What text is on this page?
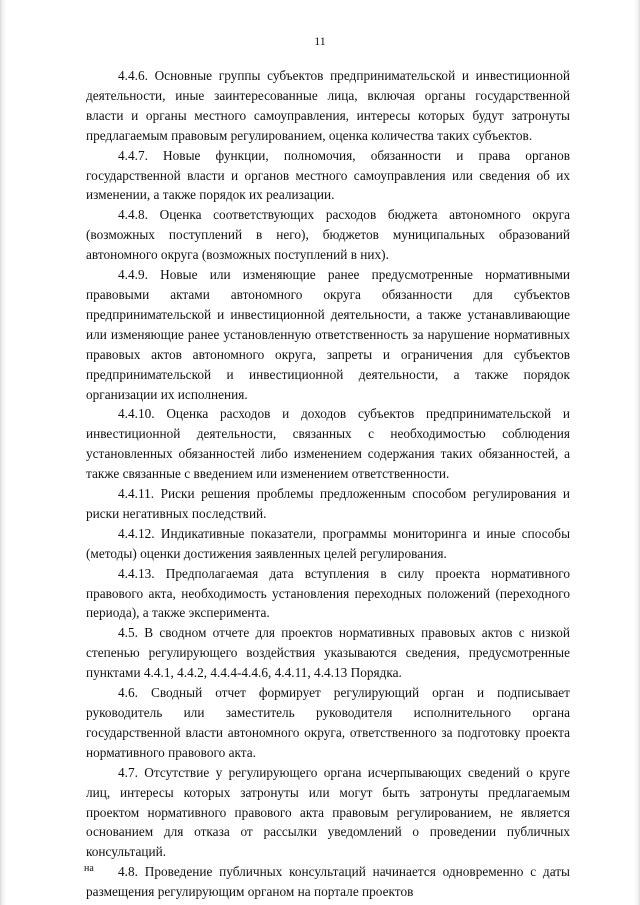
11

4.4.6. Основные группы субъектов предпринимательской и инвестиционной деятельности, иные заинтересованные лица, включая органы государственной власти и органы местного самоуправления, интересы которых будут затронуты предлагаемым правовым регулированием, оценка количества таких субъектов.

4.4.7. Новые функции, полномочия, обязанности и права органов государственной власти и органов местного самоуправления или сведения об их изменении, а также порядок их реализации.

4.4.8. Оценка соответствующих расходов бюджета автономного округа (возможных поступлений в него), бюджетов муниципальных образований автономного округа (возможных поступлений в них).

4.4.9. Новые или изменяющие ранее предусмотренные нормативными правовыми актами автономного округа обязанности для субъектов предпринимательской и инвестиционной деятельности, а также устанавливающие или изменяющие ранее установленную ответственность за нарушение нормативных правовых актов автономного округа, запреты и ограничения для субъектов предпринимательской и инвестиционной деятельности, а также порядок организации их исполнения.

4.4.10. Оценка расходов и доходов субъектов предпринимательской и инвестиционной деятельности, связанных с необходимостью соблюдения установленных обязанностей либо изменением содержания таких обязанностей, а также связанные с введением или изменением ответственности.

4.4.11. Риски решения проблемы предложенным способом регулирования и риски негативных последствий.

4.4.12. Индикативные показатели, программы мониторинга и иные способы (методы) оценки достижения заявленных целей регулирования.

4.4.13. Предполагаемая дата вступления в силу проекта нормативного правового акта, необходимость установления переходных положений (переходного периода), а также эксперимента.

4.5. В сводном отчете для проектов нормативных правовых актов с низкой степенью регулирующего воздействия указываются сведения, предусмотренные пунктами 4.4.1, 4.4.2, 4.4.4-4.4.6, 4.4.11, 4.4.13 Порядка.

4.6. Сводный отчет формирует регулирующий орган и подписывает руководитель или заместитель руководителя исполнительного органа государственной власти автономного округа, ответственного за подготовку проекта нормативного правового акта.

4.7. Отсутствие у регулирующего органа исчерпывающих сведений о круге лиц, интересы которых затронуты или могут быть затронуты предлагаемым проектом нормативного правового акта правовым регулированием, не является основанием для отказа от рассылки уведомлений о проведении публичных консультаций.

4.8. Проведение публичных консультаций начинается одновременно с даты размещения регулирующим органом на портале проектов

на
